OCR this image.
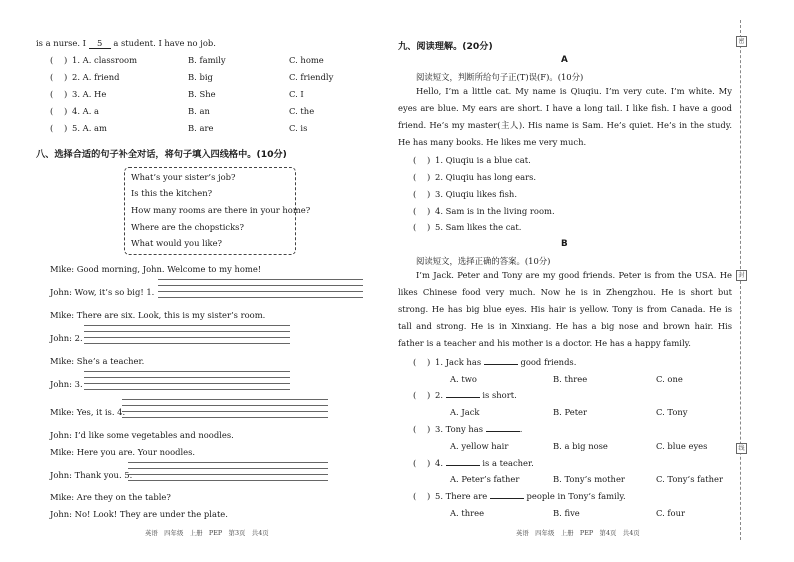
is a nurse. I 5 a student. I have no job.
( ) 1. A. classroom	B. family	C. home
( ) 2. A. friend	B. big	C. friendly
( ) 3. A. He	B. She	C. I
( ) 4. A. a	B. an	C. the
( ) 5. A. am	B. are	C. is
八、选择合适的句子补全对话，将句子填入四线格中。(10分)
What’s your sister’s job?
Is this the kitchen?
How many rooms are there in your home?
Where are the chopsticks?
What would you like?
Mike: Good morning, John. Welcome to my home!
John: Wow, it’s so big! 1.
Mike: There are six. Look, this is my sister’s room.
John: 2.
Mike: She’s a teacher.
John: 3.
Mike: Yes, it is. 4.
John: I’d like some vegetables and noodles.
Mike: Here you are. Your noodles.
John: Thank you. 5.
Mike: Are they on the table?
John: No! Look! They are under the plate.
英语　四年级　上册　PEP　第3页　共4页
九、阅读理解。(20分)
A
阅读短文，判断所给句子正(T)误(F)。(10分)

Hello, I’m a little cat. My name is Qiuqiu. I’m very cute. I’m white. My eyes are blue. My ears are short. I have a long tail. I like fish. I have a good friend. He’s my master(主人). His name is Sam. He’s quiet. He’s in the study. He has many books. He likes me very much.

( ) 1. Qiuqiu is a blue cat.
( ) 2. Qiuqiu has long ears.
( ) 3. Qiuqiu likes fish.
( ) 4. Sam is in the living room.
( ) 5. Sam likes the cat.
B
阅读短文，选择正确的答案。(10分)

I’m Jack. Peter and Tony are my good friends. Peter is from the USA. He likes Chinese food very much. Now he is in Zhengzhou. He is short but strong. He has big blue eyes. His hair is yellow. Tony is from Canada. He is tall and strong. He is in Xinxiang. He has a big nose and brown hair. His father is a teacher and his mother is a doctor. He has a happy family.

( ) 1. Jack has	good friends.
A. two	B. three	C. one
( ) 2.	is short.
A. Jack	B. Peter	C. Tony
( ) 3. Tony has	.
A. yellow hair	B. a big nose	C. blue eyes
( ) 4.	is a teacher.
A. Peter’s father	B. Tony’s mother	C. Tony’s father
( ) 5. There are	people in Tony’s family.
A. three	B. five	C. four
英语　四年级　上册　PEP　第4页　共4页
密
封
线
